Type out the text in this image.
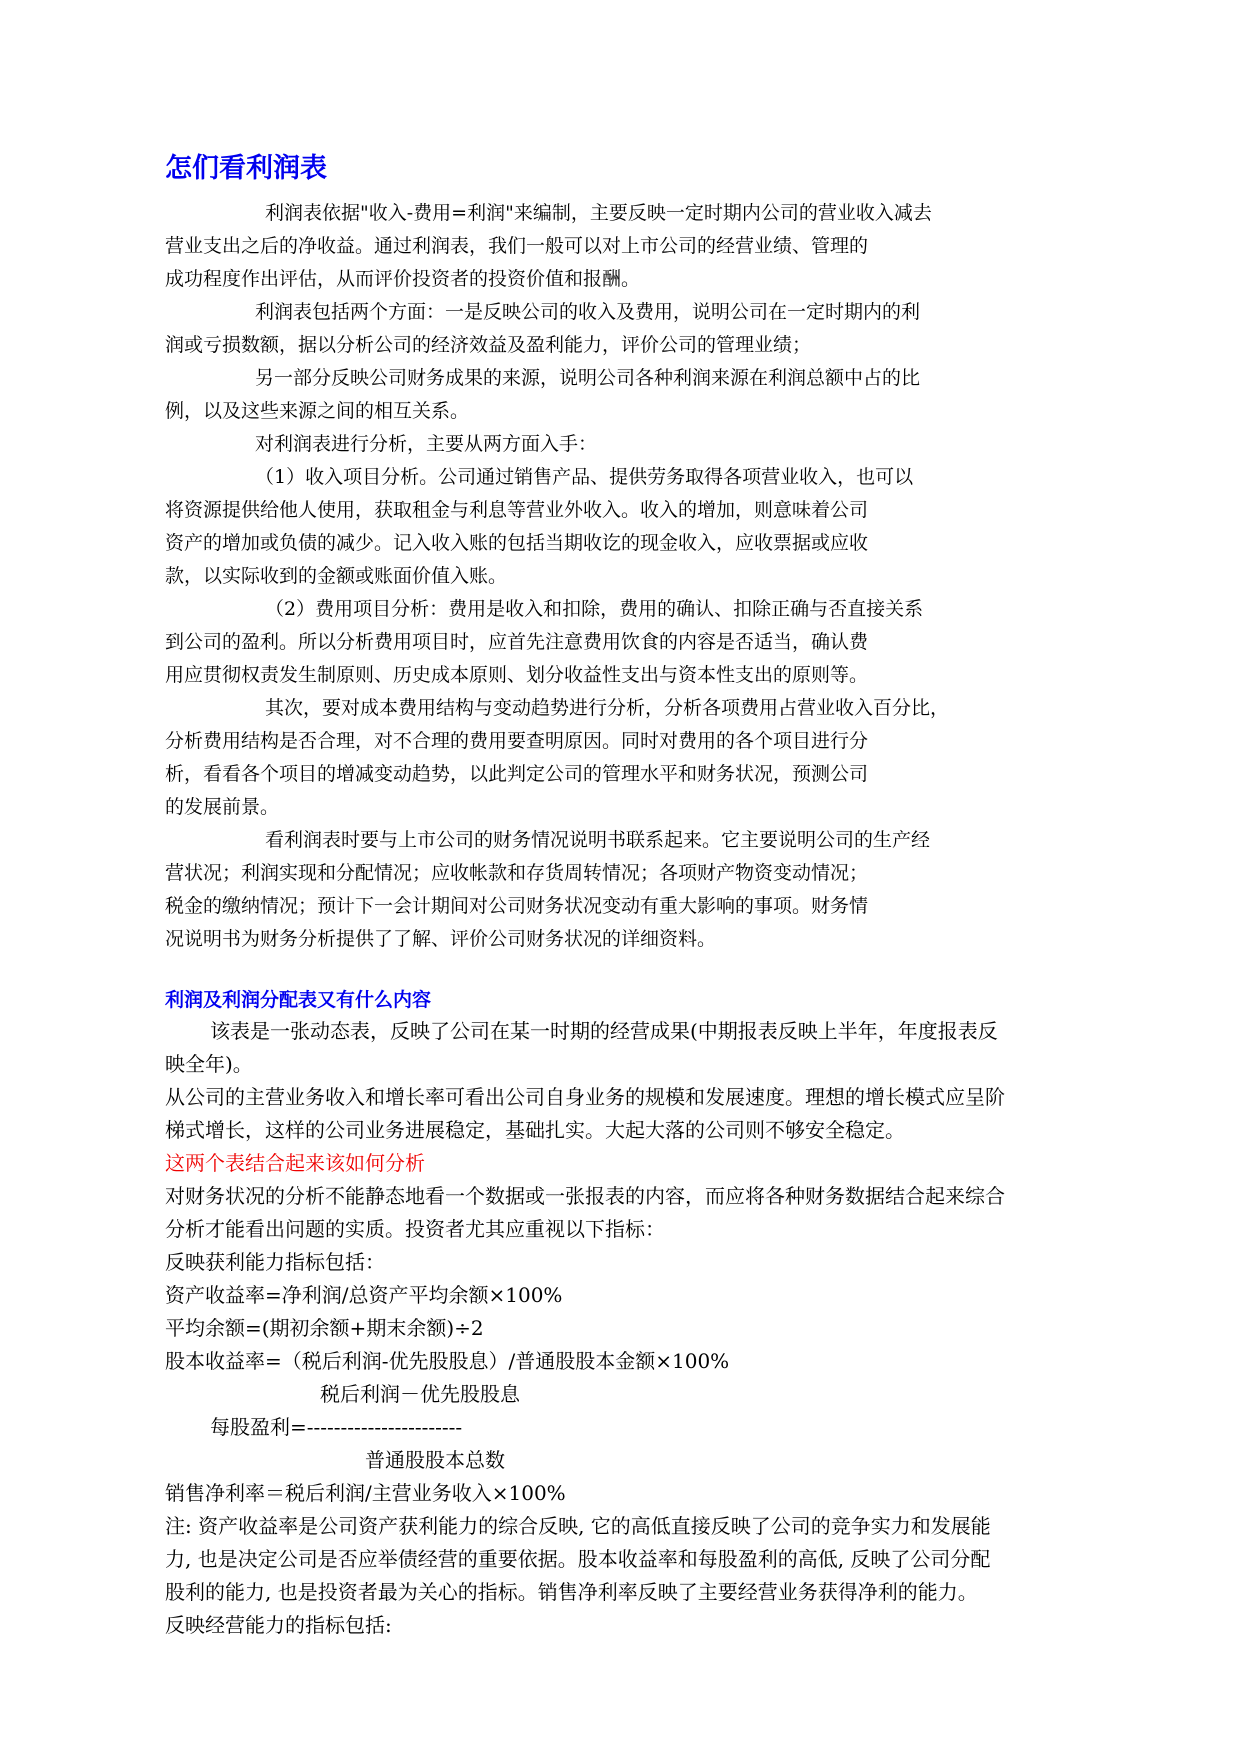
怎们看利润表
利润表依据"收入-费用=利润"来编制，主要反映一定时期内公司的营业收入减去
营业支出之后的净收益。通过利润表，我们一般可以对上市公司的经营业绩、管理的
成功程度作出评估，从而评价投资者的投资价值和报酬。
利润表包括两个方面：一是反映公司的收入及费用，说明公司在一定时期内的利
润或亏损数额，据以分析公司的经济效益及盈利能力，评价公司的管理业绩；
另一部分反映公司财务成果的来源，说明公司各种利润来源在利润总额中占的比
例，以及这些来源之间的相互关系。
对利润表进行分析，主要从两方面入手：
（1）收入项目分析。公司通过销售产品、提供劳务取得各项营业收入，也可以
将资源提供给他人使用，获取租金与利息等营业外收入。收入的增加，则意味着公司
资产的增加或负债的减少。记入收入账的包括当期收讫的现金收入，应收票据或应收
款，以实际收到的金额或账面价值入账。
（2）费用项目分析：费用是收入和扣除，费用的确认、扣除正确与否直接关系
到公司的盈利。所以分析费用项目时，应首先注意费用饮食的内容是否适当，确认费
用应贯彻权责发生制原则、历史成本原则、划分收益性支出与资本性支出的原则等。
其次，要对成本费用结构与变动趋势进行分析，分析各项费用占营业收入百分比，
分析费用结构是否合理，对不合理的费用要查明原因。同时对费用的各个项目进行分
析，看看各个项目的增减变动趋势，以此判定公司的管理水平和财务状况，预测公司
的发展前景。
看利润表时要与上市公司的财务情况说明书联系起来。它主要说明公司的生产经
营状况；利润实现和分配情况；应收帐款和存货周转情况；各项财产物资变动情况；
税金的缴纳情况；预计下一会计期间对公司财务状况变动有重大影响的事项。财务情
况说明书为财务分析提供了了解、评价公司财务状况的详细资料。
利润及利润分配表又有什么内容
该表是一张动态表，反映了公司在某一时期的经营成果(中期报表反映上半年，年度报表反
映全年)。
从公司的主营业务收入和增长率可看出公司自身业务的规模和发展速度。理想的增长模式应呈阶
梯式增长，这样的公司业务进展稳定，基础扎实。大起大落的公司则不够安全稳定。
这两个表结合起来该如何分析
对财务状况的分析不能静态地看一个数据或一张报表的内容，而应将各种财务数据结合起来综合
分析才能看出问题的实质。投资者尤其应重视以下指标：
反映获利能力指标包括：
资产收益率=净利润/总资产平均余额×100%
平均余额=(期初余额+期末余额)÷2
股本收益率=（税后利润-优先股股息）/普通股股本金额×100%
税后利润－优先股股息
每股盈利=-----------------------
普通股股本总数
销售净利率＝税后利润/主营业务收入×100%
注: 资产收益率是公司资产获利能力的综合反映, 它的高低直接反映了公司的竞争实力和发展能
力, 也是决定公司是否应举债经营的重要依据。股本收益率和每股盈利的高低, 反映了公司分配
股利的能力, 也是投资者最为关心的指标。销售净利率反映了主要经营业务获得净利的能力。
反映经营能力的指标包括:
